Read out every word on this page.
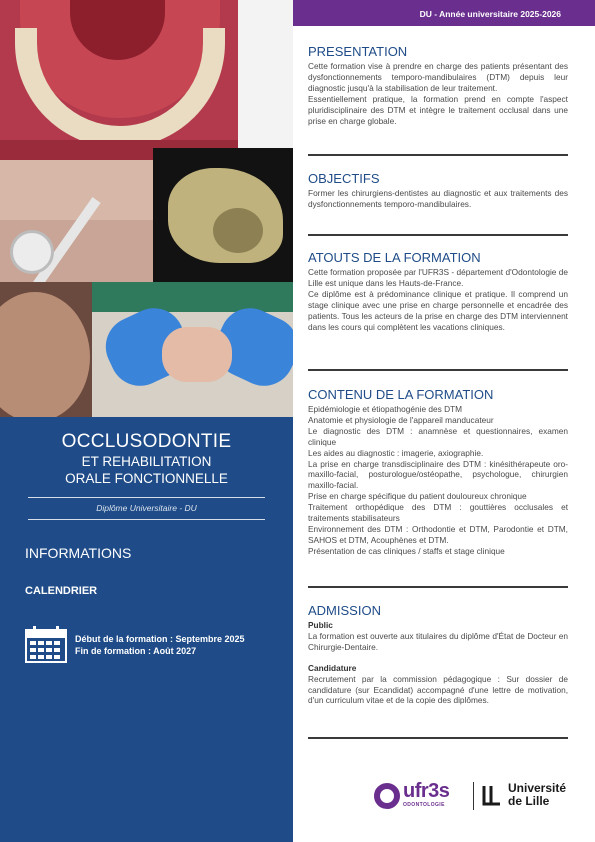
OCCLUSODONTIE
ET REHABILITATION
ORALE FONCTIONNELLE
Diplôme Universitaire - DU
INFORMATIONS
CALENDRIER
Début de la formation : Septembre 2025
Fin de formation : Août 2027
DU - Année universitaire 2025-2026
PRESENTATION
Cette formation vise à prendre en charge des patients présentant des dysfonctionnements temporo-mandibulaires (DTM) depuis leur diagnostic jusqu'à la stabilisation de leur traitement.
Essentiellement pratique, la formation prend en compte l'aspect pluridisciplinaire des DTM et intègre le traitement occlusal dans une prise en charge globale.
OBJECTIFS
Former les chirurgiens-dentistes au diagnostic et aux traitements des dysfonctionnements temporo-mandibulaires.
ATOUTS DE LA FORMATION
Cette formation proposée par l'UFR3S - département d'Odontologie de Lille est unique dans les Hauts-de-France.
Ce diplôme est à prédominance clinique et pratique. Il comprend un stage clinique avec une prise en charge personnelle et encadrée des patients. Tous les acteurs de la prise en charge des DTM interviennent dans les cours qui complètent les vacations cliniques.
CONTENU DE LA FORMATION
Epidémiologie et étiopathogénie des DTM
Anatomie et physiologie de l'appareil manducateur
Le diagnostic des DTM : anamnèse et questionnaires, examen clinique
Les aides au diagnostic : imagerie, axiographie.
La prise en charge transdisciplinaire des DTM : kinésithérapeute oro-maxillo-facial, posturologue/ostéopathe, psychologue, chirurgien maxillo-facial.
Prise en charge spécifique du patient douloureux chronique
Traitement orthopédique des DTM : gouttières occlusales et traitements stabilisateurs
Environnement des DTM : Orthodontie et DTM, Parodontie et DTM, SAHOS et DTM, Acouphènes et DTM.
Présentation de cas cliniques / staffs et stage clinique
ADMISSION
Public
La formation est ouverte aux titulaires du diplôme d'État de Docteur en Chirurgie-Dentaire.
Candidature
Recrutement par la commission pédagogique : Sur dossier de candidature (sur Ecandidat) accompagné d'une lettre de motivation, d'un curriculum vitae et de la copie des diplômes.
ufr3s
ODONTOLOGIE
Université
de Lille
